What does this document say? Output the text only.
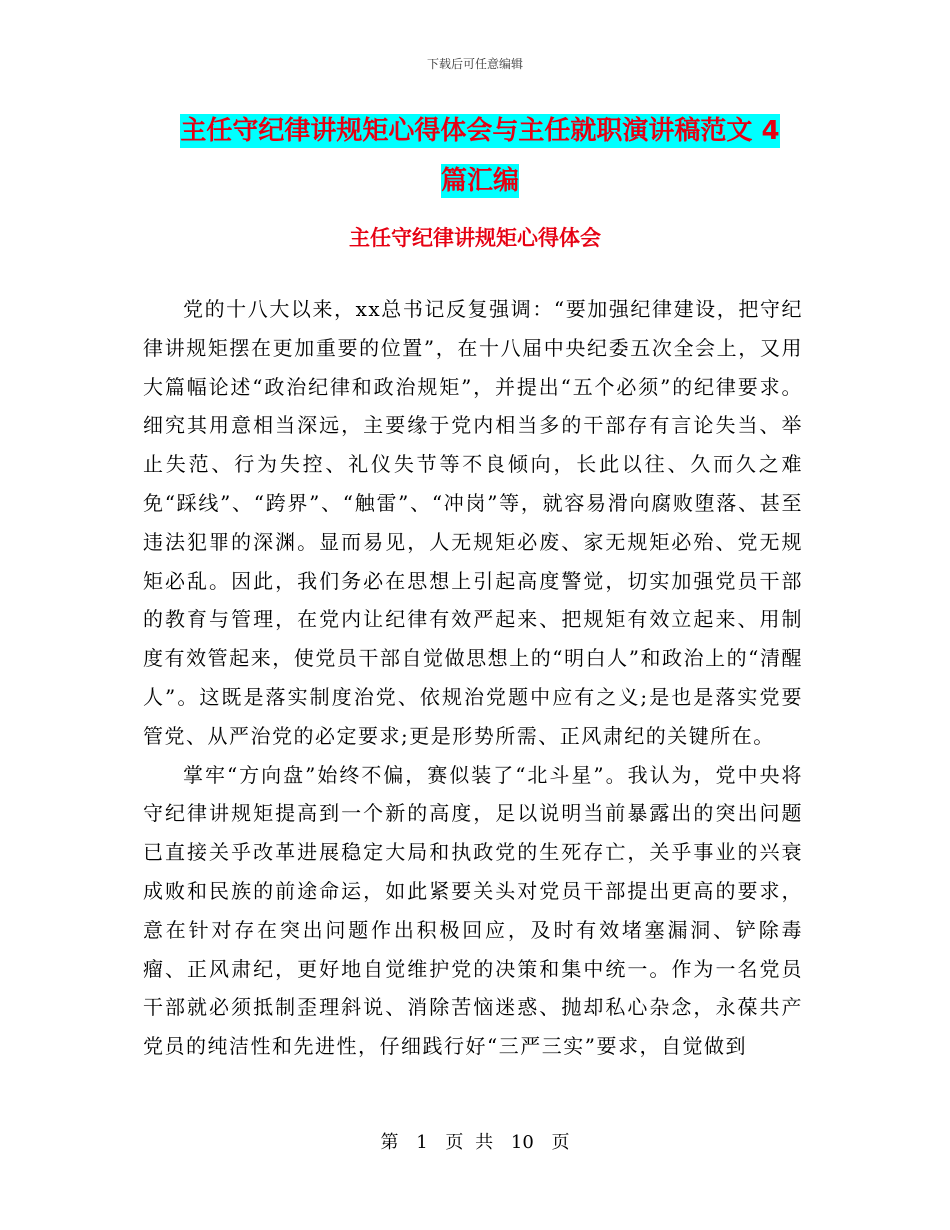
下载后可任意编辑
主任守纪律讲规矩心得体会与主任就职演讲稿范文 4
篇汇编
主任守纪律讲规矩心得体会

党的十八大以来，xx总书记反复强调：“要加强纪律建设，把守纪律讲规矩摆在更加重要的位置”，在十八届中央纪委五次全会上，又用大篇幅论述“政治纪律和政治规矩”，并提出“五个必须”的纪律要求。细究其用意相当深远，主要缘于党内相当多的干部存有言论失当、举止失范、行为失控、礼仪失节等不良倾向，长此以往、久而久之难免“踩线”、“跨界”、“触雷”、“冲岗”等，就容易滑向腐败堕落、甚至违法犯罪的深渊。显而易见，人无规矩必废、家无规矩必殆、党无规矩必乱。因此，我们务必在思想上引起高度警觉，切实加强党员干部的教育与管理，在党内让纪律有效严起来、把规矩有效立起来、用制度有效管起来，使党员干部自觉做思想上的“明白人”和政治上的“清醒人”。这既是落实制度治党、依规治党题中应有之义;是也是落实党要管党、从严治党的必定要求;更是形势所需、正风肃纪的关键所在。

掌牢“方向盘”始终不偏，赛似装了“北斗星”。我认为，党中央将守纪律讲规矩提高到一个新的高度，足以说明当前暴露出的突出问题已直接关乎改革进展稳定大局和执政党的生死存亡，关乎事业的兴衰成败和民族的前途命运，如此紧要关头对党员干部提出更高的要求，意在针对存在突出问题作出积极回应，及时有效堵塞漏洞、铲除毒瘤、正风肃纪，更好地自觉维护党的决策和集中统一。作为一名党员干部就必须抵制歪理斜说、消除苦恼迷惑、抛却私心杂念，永葆共产党员的纯洁性和先进性，仔细践行好“三严三实”要求，自觉做到

第 1 页 共 10 页
